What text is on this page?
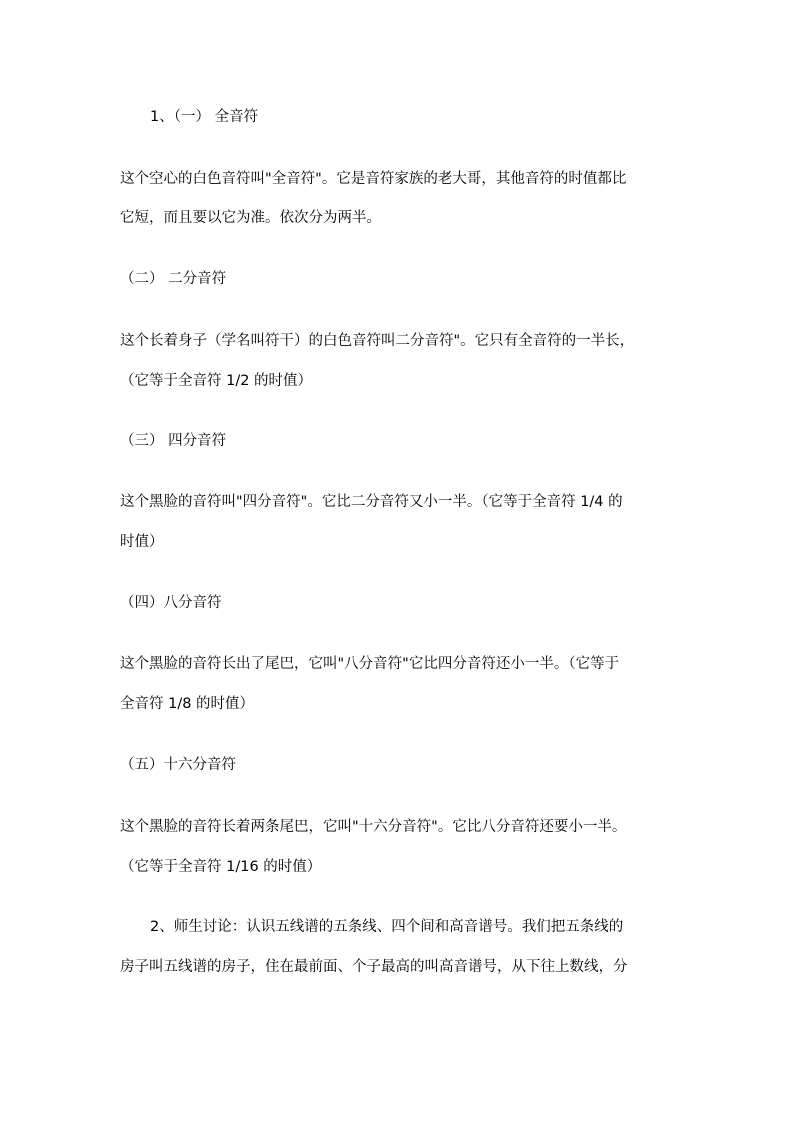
1、（一） 全音符
这个空心的白色音符叫"全音符"。它是音符家族的老大哥，其他音符的时值都比
它短，而且要以它为准。依次分为两半。
（二） 二分音符
这个长着身子（学名叫符干）的白色音符叫二分音符"。它只有全音符的一半长，
（它等于全音符 1/2 的时值）
（三） 四分音符
这个黑脸的音符叫"四分音符"。它比二分音符又小一半。（它等于全音符 1/4 的
时值）
（四）八分音符
这个黑脸的音符长出了尾巴，它叫"八分音符"它比四分音符还小一半。（它等于
全音符 1/8 的时值）
（五）十六分音符
这个黑脸的音符长着两条尾巴，它叫"十六分音符"。它比八分音符还要小一半。
（它等于全音符 1/16 的时值）
2、师生讨论：认识五线谱的五条线、四个间和高音谱号。我们把五条线的
房子叫五线谱的房子，住在最前面、个子最高的叫高音谱号，从下往上数线，分
